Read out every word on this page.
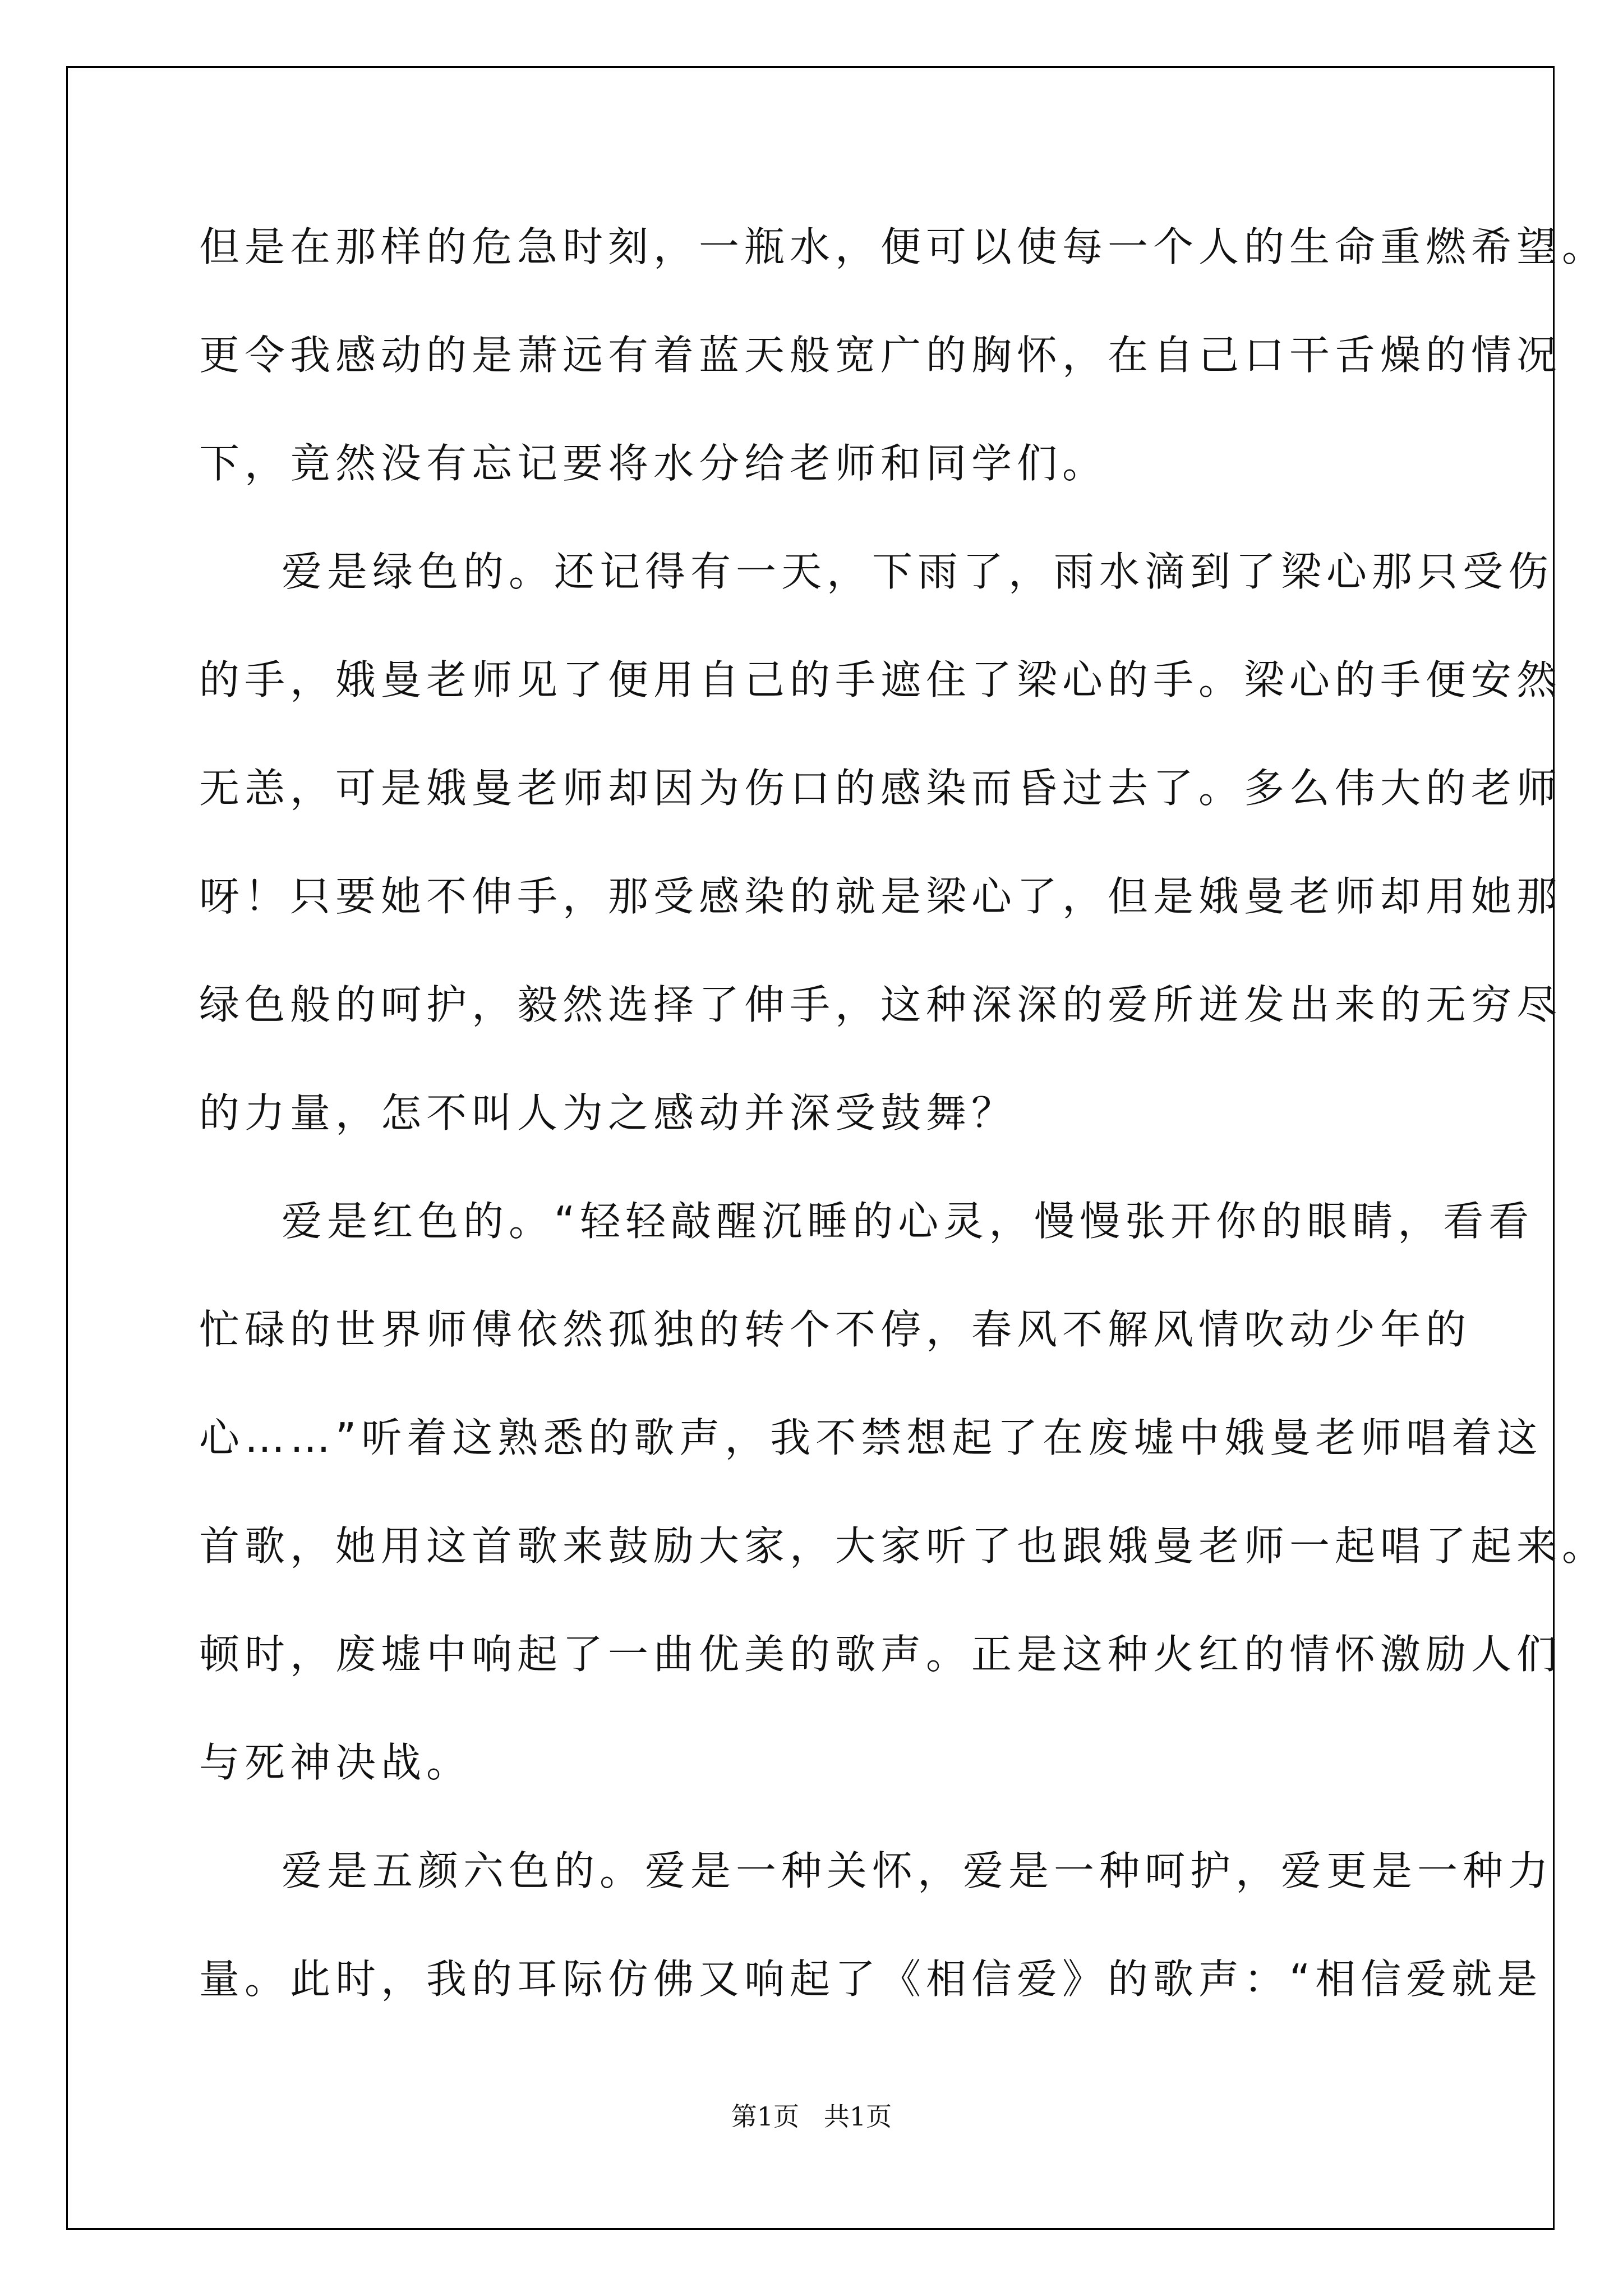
但是在那样的危急时刻，一瓶水，便可以使每一个人的生命重燃希望。

更令我感动的是萧远有着蓝天般宽广的胸怀，在自己口干舌燥的情况

下，竟然没有忘记要将水分给老师和同学们。

爱是绿色的。还记得有一天，下雨了，雨水滴到了梁心那只受伤

的手，娥曼老师见了便用自己的手遮住了梁心的手。梁心的手便安然

无恙，可是娥曼老师却因为伤口的感染而昏过去了。多么伟大的老师

呀！只要她不伸手，那受感染的就是梁心了，但是娥曼老师却用她那

绿色般的呵护，毅然选择了伸手，这种深深的爱所迸发出来的无穷尽

的力量，怎不叫人为之感动并深受鼓舞？

爱是红色的。“轻轻敲醒沉睡的心灵，慢慢张开你的眼睛，看看

忙碌的世界师傅依然孤独的转个不停，春风不解风情吹动少年的

心……”听着这熟悉的歌声，我不禁想起了在废墟中娥曼老师唱着这

首歌，她用这首歌来鼓励大家，大家听了也跟娥曼老师一起唱了起来。

顿时，废墟中响起了一曲优美的歌声。正是这种火红的情怀激励人们

与死神决战。

爱是五颜六色的。爱是一种关怀，爱是一种呵护，爱更是一种力

量。此时，我的耳际仿佛又响起了《相信爱》的歌声：“相信爱就是

第1页   共1页
